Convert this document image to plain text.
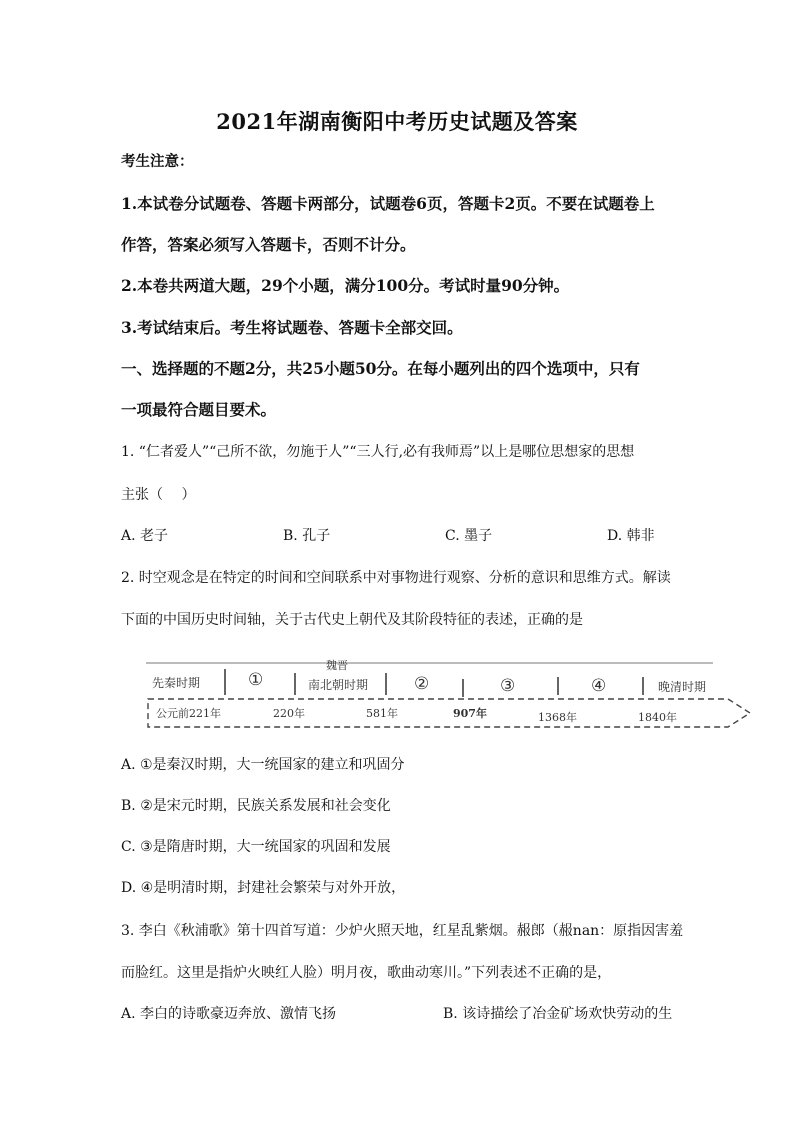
2021年湖南衡阳中考历史试题及答案
考生注意：
1.本试卷分试题卷、答题卡两部分，试题卷6页，答题卡2页。不要在试题卷上
作答，答案必须写入答题卡，否则不计分。
2.本卷共两道大题，29个小题，满分100分。考试时量90分钟。
3.考试结束后。考生将试题卷、答题卡全部交回。
一、选择题的不题2分，共25小题50分。在每小题列出的四个选项中，只有
一项最符合题目要术。
1. “仁者爱人”“己所不欲，勿施于人”“三人行,必有我师焉”以上是哪位思想家的思想
主张（　 ）
A. 老子	B. 孔子	C. 墨子	D. 韩非
2. 时空观念是在特定的时间和空间联系中对事物进行观察、分析的意识和思维方式。解读
下面的中国历史时间轴，关于古代史上朝代及其阶段特征的表述，正确的是
先秦时期	①
魏晋
南北朝时期	②	③	④	晚清时期
公元前221年	220年	581年	907年	1368年	1840年
A. ①是秦汉时期，大一统国家的建立和巩固分
B. ②是宋元时期，民族关系发展和社会变化
C. ③是隋唐时期，大一统国家的巩固和发展
D. ④是明清时期，封建社会繁荣与对外开放，
3. 李白《秋浦歌》第十四首写道：少炉火照天地，红星乱紫烟。赧郎（赧nan：原指因害羞
而脸红。这里是指炉火映红人脸）明月夜，歌曲动寒川。”下列表述不正确的是，
A. 李白的诗歌豪迈奔放、激情飞扬	B. 该诗描绘了冶金矿场欢快劳动的生
